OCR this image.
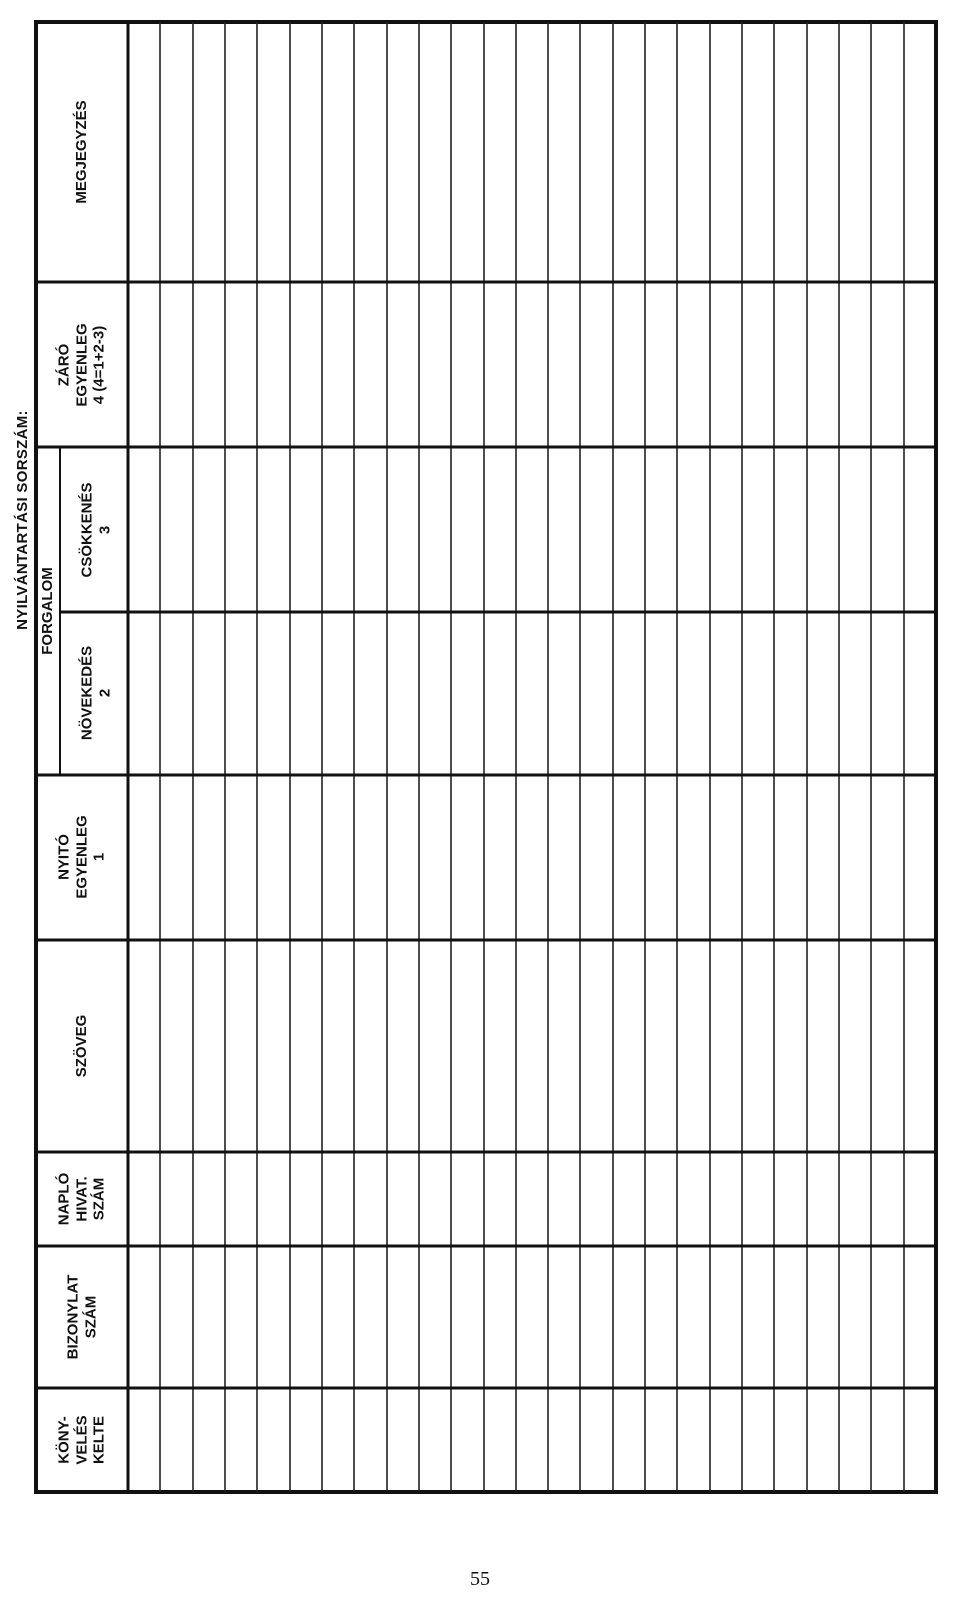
NYILVÁNTARTÁSI SORSZÁM:
KÖNY- VELÉS KELTE
BIZONYLAT SZÁM
NAPLÓ HIVAT. SZÁM
SZÖVEG
NYITÓ EGYENLEG 1
FORGALOM
NÖVEKEDÉS 2
CSÖKKENÉS 3
ZÁRÓ EGYENLEG 4 (4=1+2-3)
MEGJEGYZÉS
55
